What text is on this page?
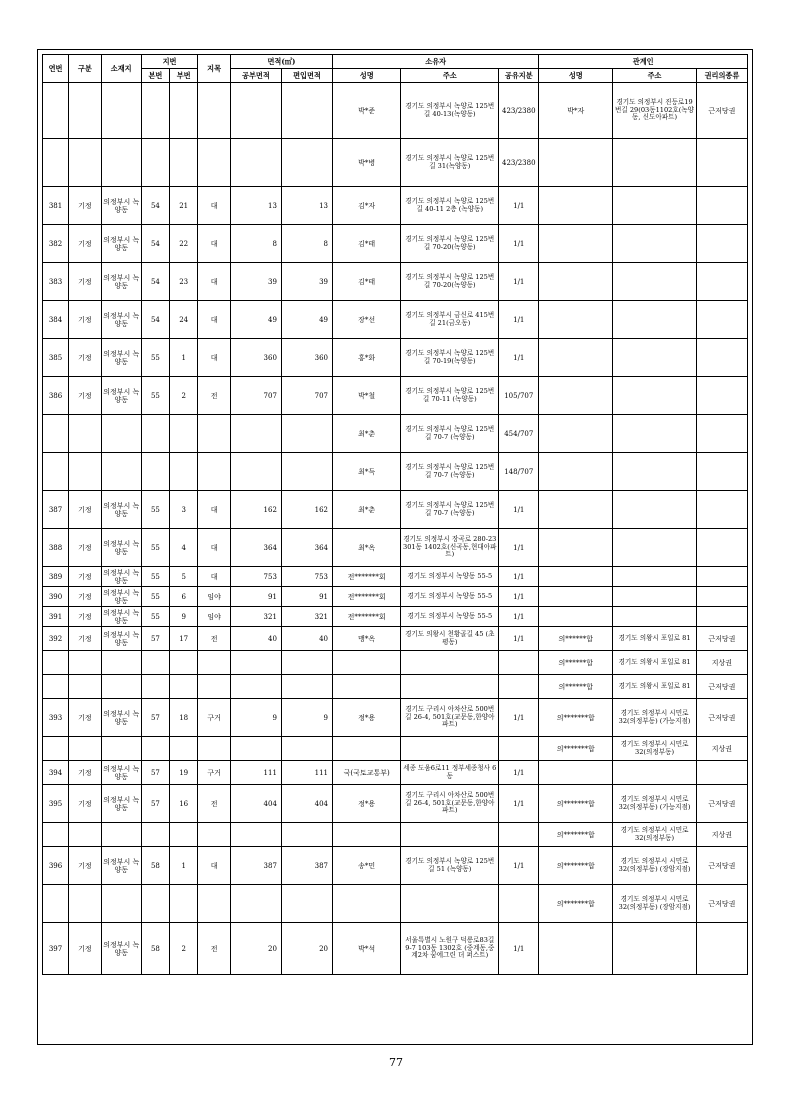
연번	구분	소재지	지번		지목	면적(㎡)		소유자			관계인		
			본번	부번		공부면적	편입면적	성명	주소	공유지분	성명	주소	권리의종류
								박*준	경기도 의정부시 녹양로 125번길 40-13(녹양동)	423/2380	박*자	경기도 의정부시 진등로19번길 29(03동1102호(녹양동, 신도아파트)	근저당권
								박*병	경기도 의정부시 녹양로 125번길 31(녹양동)	423/2380			
381	기정	의정부시 녹양동	54	21	대	13	13	김*자	경기도 의정부시 녹양로 125번길 40-11 2층 (녹양동)	1/1			
382	기정	의정부시 녹양동	54	22	대	8	8	김*태	경기도 의정부시 녹양로 125번길 70-20(녹양동)	1/1			
383	기정	의정부시 녹양동	54	23	대	39	39	김*태	경기도 의정부시 녹양로 125번길 70-20(녹양동)	1/1			
384	기정	의정부시 녹양동	54	24	대	49	49	장*선	경기도 의정부시 금신로 415번길 21(금오동)	1/1			
385	기정	의정부시 녹양동	55	1	대	360	360	홍*화	경기도 의정부시 녹양로 125번길 70-19(녹양동)	1/1			
386	기정	의정부시 녹양동	55	2	전	707	707	박*철	경기도 의정부시 녹양로 125번길 70-11 (녹양동)	105/707			
								최*춘	경기도 의정부시 녹양로 125번길 70-7 (녹양동)	454/707			
								최*득	경기도 의정부시 녹양로 125번길 70-7 (녹양동)	148/707			
387	기정	의정부시 녹양동	55	3	대	162	162	최*춘	경기도 의정부시 녹양로 125번길 70-7 (녹양동)	1/1			
388	기정	의정부시 녹양동	55	4	대	364	364	최*옥	경기도 의정부시 장곡로 280-23 301동 1402호(신곡동,현대아파트)	1/1			
389	기정	의정부시 녹양동	55	5	대	753	753	전*******회	경기도 의정부시 녹양동 55-5	1/1			
390	기정	의정부시 녹양동	55	6	임야	91	91	전*******회	경기도 의정부시 녹양동 55-5	1/1			
391	기정	의정부시 녹양동	55	9	임야	321	321	전*******회	경기도 의정부시 녹양동 55-5	1/1			
392	기정	의정부시 녹양동	57	17	전	40	40	맹*옥	경기도 의왕시 천황골길 45 (초평동)	1/1	의******합	경기도 의왕시 포일로 81	근저당권
											의******합	경기도 의왕시 포일로 81	지상권
											의******합	경기도 의왕시 포일로 81	근저당권
393	기정	의정부시 녹양동	57	18	구거	9	9	정*용	경기도 구리시 아차산로 500번길 26-4, 501호(교문동,한양아파트)	1/1	의*******합	경기도 의정부시 시민로 32(의정부동) (가능지점)	근저당권
											의*******합	경기도 의정부시 시민로 32(의정부동)	지상권
394	기정	의정부시 녹양동	57	19	구거	111	111	국(국토교통부)	세종 도움6로11 정부세종청사 6동	1/1			
395	기정	의정부시 녹양동	57	16	전	404	404	정*용	경기도 구리시 아차산로 500번길 26-4, 501호(교문동,한양아파트)	1/1	의*******합	경기도 의정부시 시민로 32(의정부동) (가능지점)	근저당권
											의*******합	경기도 의정부시 시민로 32(의정부동)	지상권
396	기정	의정부시 녹양동	58	1	대	387	387	송*민	경기도 의정부시 녹양로 125번길 51 (녹양동)	1/1	의*******합	경기도 의정부시 시민로 32(의정부동) (장암지점)	근저당권
											의*******합	경기도 의정부시 시민로 32(의정부동) (장암지점)	근저당권
397	기정	의정부시 녹양동	58	2	전	20	20	박*석	서울특별시 노원구 덕릉로83길 9-7 103동 1302호 (중계동,중계2차 꿈에그린 더 퍼스트)	1/1			
77
